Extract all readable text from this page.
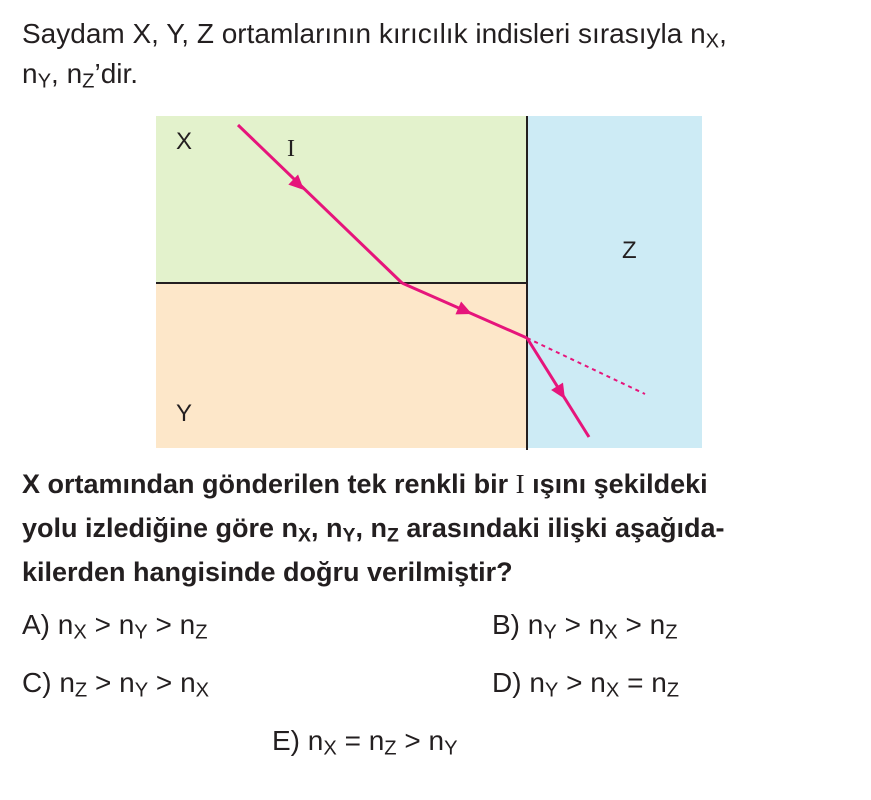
Saydam X, Y, Z ortamlarının kırıcılık indisleri sırasıyla $n_X$,
$n_Y$, $n_Z’dir$.
X	I
Y
Z
X ortamından gönderilen tek renkli bir I ışını şekildeki
yolu izlediğine göre $n_X$, $n_Y$, $n_Z$ arasındaki ilişki aşağıda-
kilerden hangisinde doğru verilmiştir?
A) $n_X > n_Y > n_Z$	B) $n_Y > n_X > n_Z$
C) $n_Z > n_Y > n_X$	D) $n_Y > n_X = n_Z$
E) $n_X = n_Z > n_Y$
